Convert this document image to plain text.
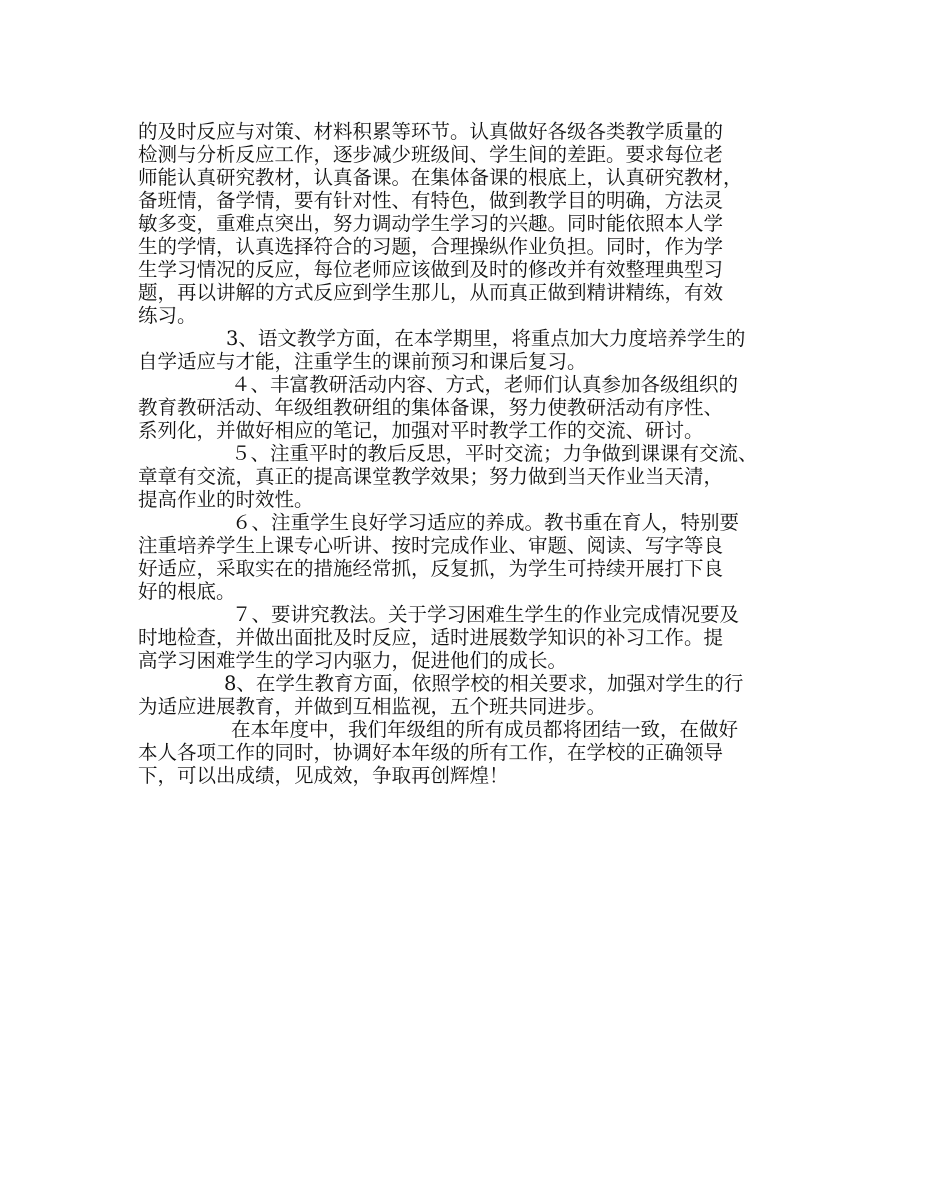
的及时反应与对策、材料积累等环节。认真做好各级各类教学质量的
检测与分析反应工作，逐步减少班级间、学生间的差距。要求每位老
师能认真研究教材，认真备课。在集体备课的根底上，认真研究教材，
备班情，备学情，要有针对性、有特色，做到教学目的明确，方法灵
敏多变，重难点突出，努力调动学生学习的兴趣。同时能依照本人学
生的学情，认真选择符合的习题，合理操纵作业负担。同时，作为学
生学习情况的反应，每位老师应该做到及时的修改并有效整理典型习
题，再以讲解的方式反应到学生那儿，从而真正做到精讲精练，有效
练习。

3、语文教学方面，在本学期里，将重点加大力度培养学生的
自学适应与才能，注重学生的课前预习和课后复习。

４、丰富教研活动内容、方式，老师们认真参加各级组织的
教育教研活动、年级组教研组的集体备课，努力使教研活动有序性、
系列化，并做好相应的笔记，加强对平时教学工作的交流、研讨。

５、注重平时的教后反思，平时交流；力争做到课课有交流、
章章有交流，真正的提高课堂教学效果；努力做到当天作业当天清，
提高作业的时效性。

６、注重学生良好学习适应的养成。教书重在育人，特别要
注重培养学生上课专心听讲、按时完成作业、审题、阅读、写字等良
好适应，采取实在的措施经常抓，反复抓，为学生可持续开展打下良
好的根底。

７、要讲究教法。关于学习困难生学生的作业完成情况要及
时地检查，并做出面批及时反应，适时进展数学知识的补习工作。提
高学习困难学生的学习内驱力，促进他们的成长。

8、在学生教育方面，依照学校的相关要求，加强对学生的行
为适应进展教育，并做到互相监视，五个班共同进步。

在本年度中，我们年级组的所有成员都将团结一致，在做好
本人各项工作的同时，协调好本年级的所有工作，在学校的正确领导
下，可以出成绩，见成效，争取再创辉煌！
